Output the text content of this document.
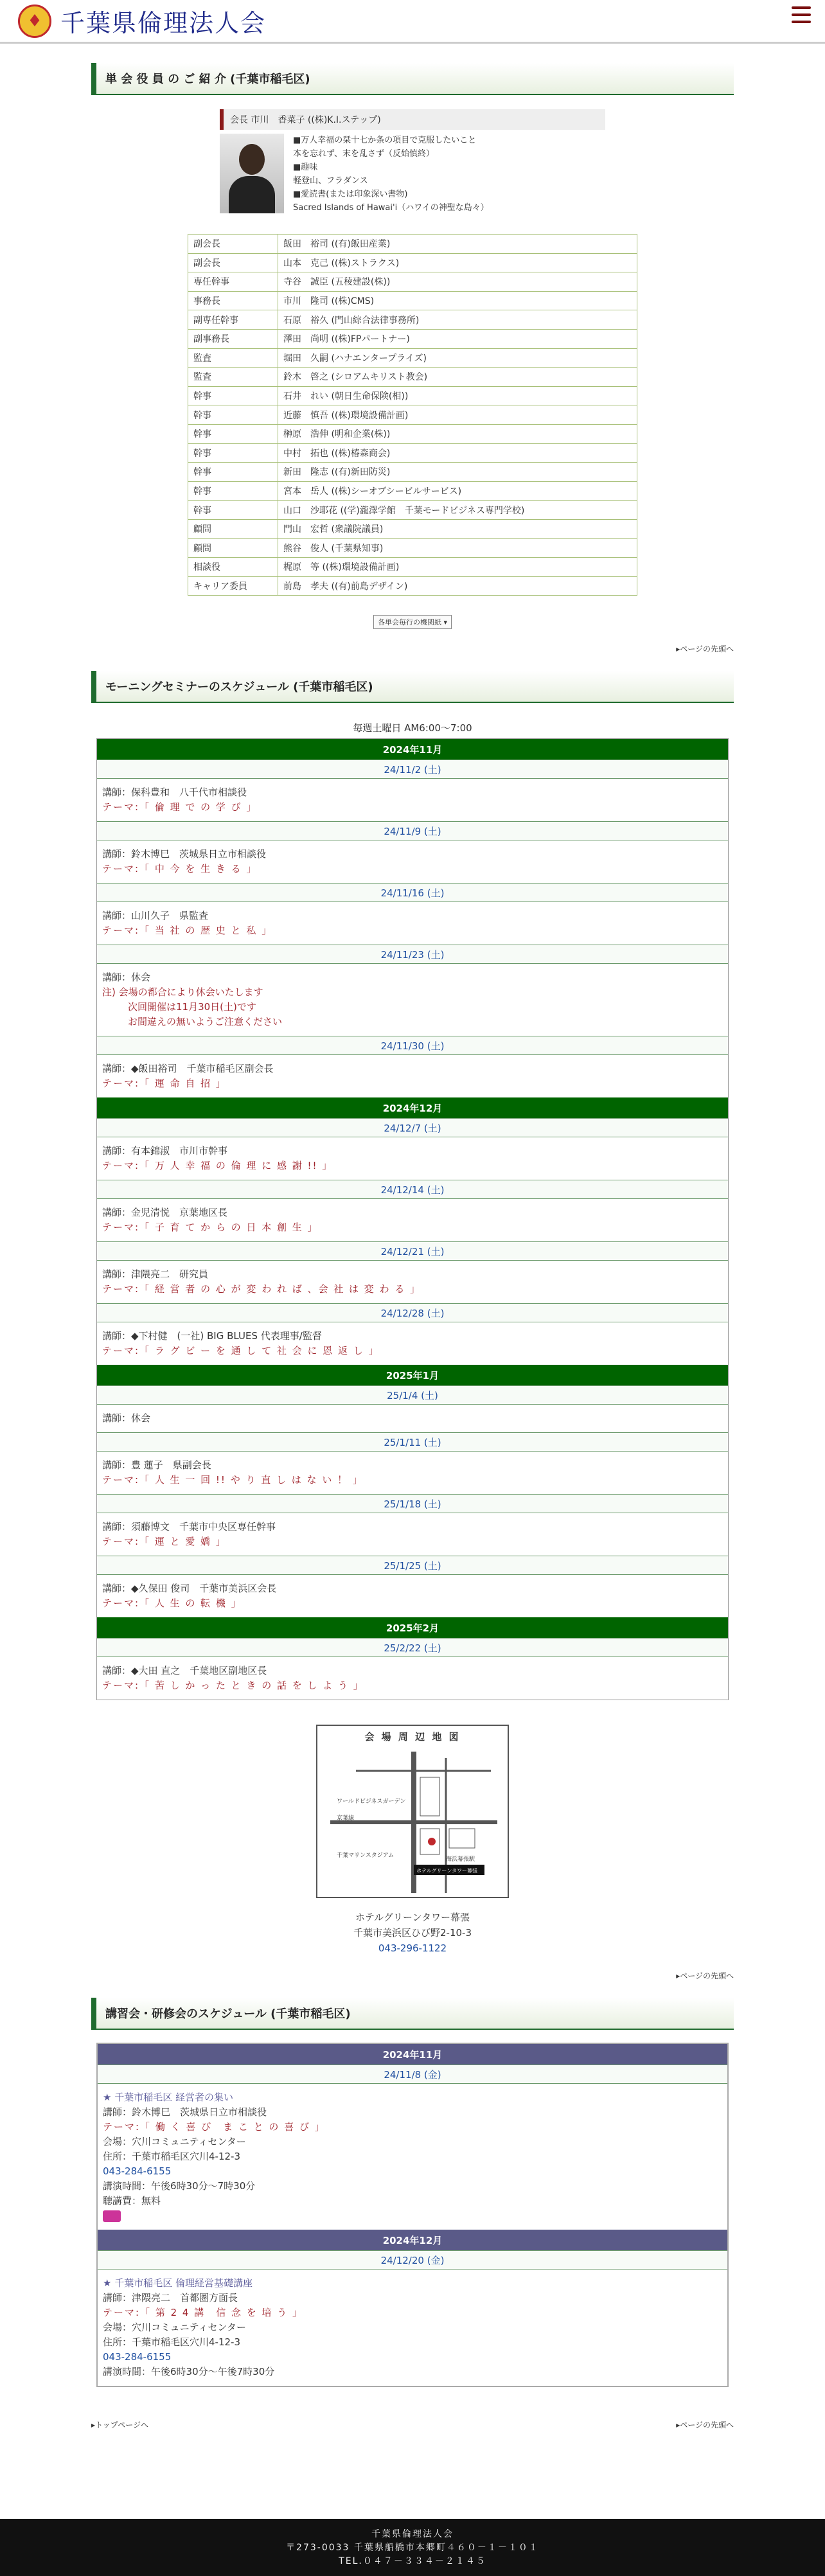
♦ 千葉県倫理法人会
単 会 役 員 の ご 紹 介 (千葉市稲毛区)
会長 市川　香菜子 ((株)K.I.ステップ)
■万人幸福の栞十七か条の項目で克服したいこと
本を忘れず、末を乱さず（反始慎終）
■趣味
軽登山、フラダンス
■愛読書(または印象深い書物)
Sacred Islands of Hawai'i（ハワイの神聖な島々）
副会長	飯田　裕司 ((有)飯田産業)
副会長	山本　克己 ((株)ストラクス)
専任幹事	寺谷　誠臣 (五稜建設(株))
事務長	市川　隆司 ((株)CMS)
副専任幹事	石原　裕久 (門山綜合法律事務所)
副事務長	澤田　尚明 ((株)FPパートナー)
監査	堀田　久嗣 (ハナエンタープライズ)
監査	鈴木　啓之 (シロアムキリスト教会)
幹事	石井　れい (朝日生命保険(相))
幹事	近藤　慎吾 ((株)環境設備計画)
幹事	榊原　浩伸 (明和企業(株))
幹事	中村　拓也 ((株)椿森商会)
幹事	新田　隆志 ((有)新田防災)
幹事	宮本　岳人 ((株)シーオブシービルサービス)
幹事	山口　沙耶花 ((学)瀧澤学館　千葉モードビジネス専門学校)
顧問	門山　宏哲 (衆議院議員)
顧問	熊谷　俊人 (千葉県知事)
相談役	梶原　等 ((株)環境設備計画)
キャリア委員	前島　孝夫 ((有)前島デザイン)
各単会毎行の機関紙 ▾
▸ページの先頭へ
モーニングセミナーのスケジュール (千葉市稲毛区)
毎週土曜日 AM6:00〜7:00
2024年11月
24/11/2 (土)
講師：保科豊和　八千代市相談役
テーマ:「 倫 理 で の 学 び 」
24/11/9 (土)
講師：鈴木博巳　茨城県日立市相談役
テーマ:「 中 今 を 生 き る 」
24/11/16 (土)
講師：山川久子　県監査
テーマ:「 当 社 の 歴 史 と 私 」
24/11/23 (土)
講師：休会
注) 会場の都合により休会いたします
次回開催は11月30日(土)です
お間違えの無いようご注意ください
24/11/30 (土)
講師：◆飯田裕司　千葉市稲毛区副会長
テーマ:「 運 命 自 招 」
2024年12月
24/12/7 (土)
講師：有本錦淑　市川市幹事
テーマ:「 万 人 幸 福 の 倫 理 に 感 謝 !! 」
24/12/14 (土)
講師：金児清悦　京葉地区長
テーマ:「 子 育 て か ら の 日 本 創 生 」
24/12/21 (土)
講師：津隈亮二　研究員
テーマ:「 経 営 者 の 心 が 変 わ れ ば 、会 社 は 変 わ る 」
24/12/28 (土)
講師：◆下村健　(一社) BIG BLUES 代表理事/監督
テーマ:「 ラ グ ビ ー を 通 し て 社 会 に 恩 返 し 」
2025年1月
25/1/4 (土)
講師：休会
25/1/11 (土)
講師：豊 蓮子　県副会長
テーマ:「 人 生 一 回 !! や り 直 し は な い ！ 」
25/1/18 (土)
講師：須藤博文　千葉市中央区専任幹事
テーマ:「 運 と 愛 嬌 」
25/1/25 (土)
講師：◆久保田 俊司　千葉市美浜区会長
テーマ:「 人 生 の 転 機 」
2025年2月
25/2/22 (土)
講師：◆大田 直之　千葉地区副地区長
テーマ:「 苦 し か っ た と き の 話 を し よ う 」
会 場 周 辺 地 図
ワールドビジネスガーデン
京葉線
千葉マリンスタジアム
海浜幕張駅
ホテルグリーンタワー幕張
ホテルグリーンタワー幕張
千葉市美浜区ひび野2-10-3
043-296-1122
▸ページの先頭へ
講習会・研修会のスケジュール (千葉市稲毛区)
2024年11月
24/11/8 (金)
★ 千葉市稲毛区 経営者の集い
講師：鈴木博巳　茨城県日立市相談役
テーマ:「 働 く 喜 び　ま こ と の 喜 び 」
会場：穴川コミュニティセンター
住所：千葉市稲毛区穴川4-12-3
043-284-6155
講演時間：午後6時30分〜7時30分
聴講費：無料
2024年12月
24/12/20 (金)
★ 千葉市稲毛区 倫理経営基礎講座
講師：津隈亮二　首都圏方面長
テーマ:「 第 2 4 講　信 念 を 培 う 」
会場：穴川コミュニティセンター
住所：千葉市稲毛区穴川4-12-3
043-284-6155
講演時間：午後6時30分〜午後7時30分
▸トップページへ	▸ページの先頭へ
千葉県倫理法人会
〒273-0033 千葉県船橋市本郷町４６０－１－１０１
TEL.０４７－３３４－２１４５
